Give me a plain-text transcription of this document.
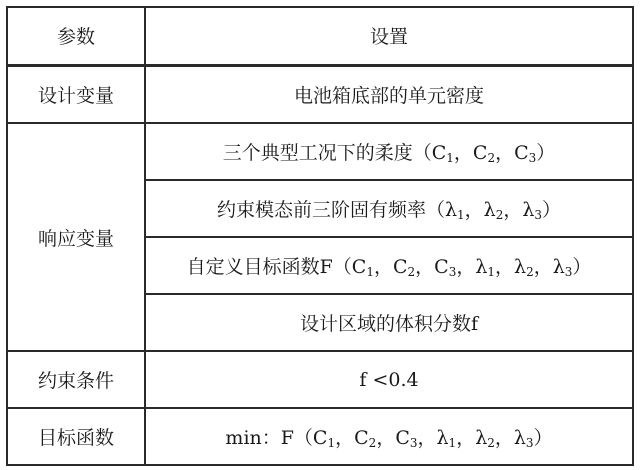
参数	设置
设计变量	电池箱底部的单元密度
响应变量	三个典型工况下的柔度（$C_1$，$C_2$，$C_3$）
	约束模态前三阶固有频率（$\lambda_1$，$\lambda_2$，$\lambda_3$）
	自定义目标函数$F(C_1$，$C_2$，$C_3$，$\lambda_1$，$\lambda_2$，$\lambda_3$）
	设计区域的体积分数f
约束条件	f <0.4
目标函数	min：$F(C_1$，$C_2$，$C_3$，$\lambda_1$，$\lambda_2$，$\lambda_3$）
